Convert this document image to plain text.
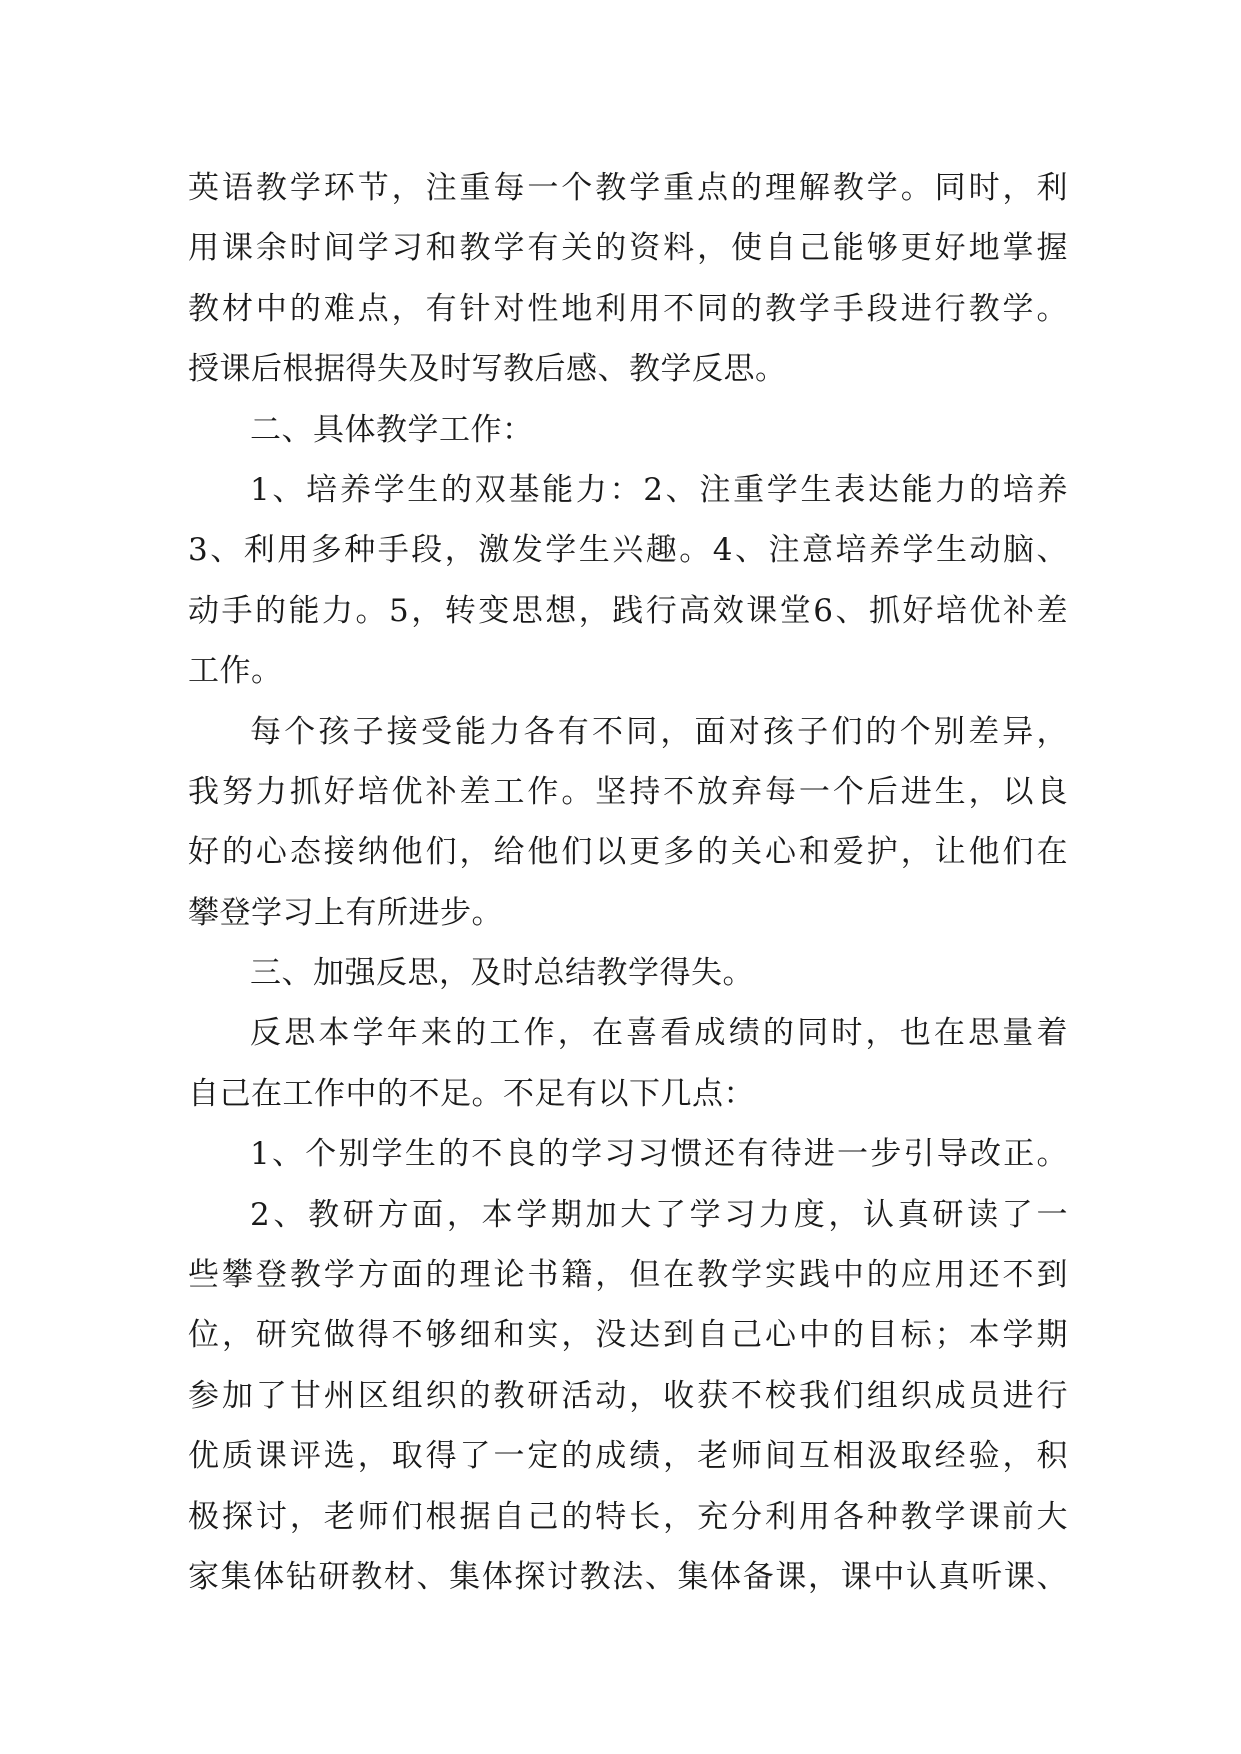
英语教学环节，注重每一个教学重点的理解教学。同时，利
用课余时间学习和教学有关的资料，使自己能够更好地掌握
教材中的难点，有针对性地利用不同的教学手段进行教学。
授课后根据得失及时写教后感、教学反思。
二、具体教学工作：
1、培养学生的双基能力：2、注重学生表达能力的培养
3、利用多种手段，激发学生兴趣。4、注意培养学生动脑、
动手的能力。5，转变思想，践行高效课堂6、抓好培优补差
工作。
每个孩子接受能力各有不同，面对孩子们的个别差异，
我努力抓好培优补差工作。坚持不放弃每一个后进生，以良
好的心态接纳他们，给他们以更多的关心和爱护，让他们在
攀登学习上有所进步。
三、加强反思，及时总结教学得失。
反思本学年来的工作，在喜看成绩的同时，也在思量着
自己在工作中的不足。不足有以下几点：
1、个别学生的不良的学习习惯还有待进一步引导改正。
2、教研方面，本学期加大了学习力度，认真研读了一
些攀登教学方面的理论书籍，但在教学实践中的应用还不到
位，研究做得不够细和实，没达到自己心中的目标；本学期
参加了甘州区组织的教研活动，收获不校我们组织成员进行
优质课评选，取得了一定的成绩，老师间互相汲取经验，积
极探讨，老师们根据自己的特长，充分利用各种教学课前大
家集体钻研教材、集体探讨教法、集体备课，课中认真听课、
